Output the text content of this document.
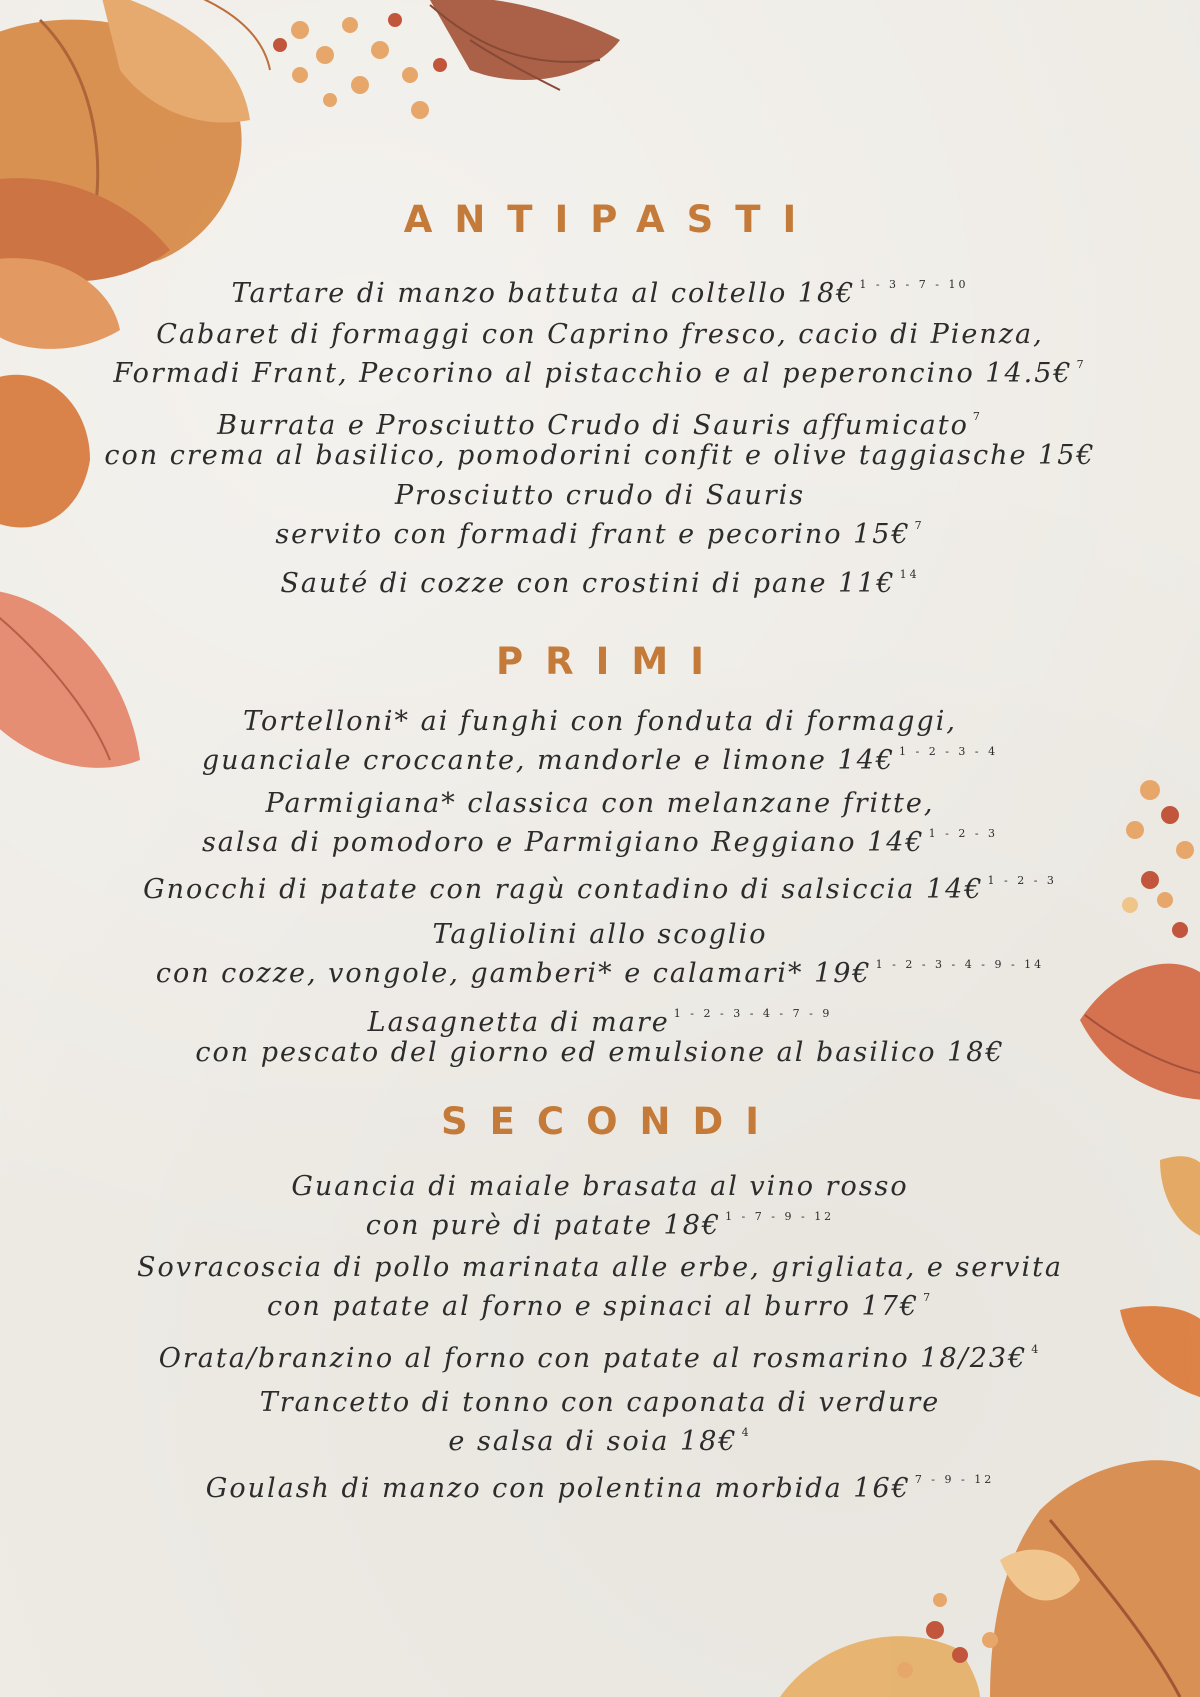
ANTIPASTI
Tartare di manzo battuta al coltello 18€ $^{1 - 3 - 7 - 10}$
Cabaret di formaggi con Caprino fresco, cacio di Pienza,
Formadi Frant, Pecorino al pistacchio e al peperoncino 14.5€ $^7$
Burrata e Prosciutto Crudo di Sauris affumicato $^7$
con crema al basilico, pomodorini confit e olive taggiasche 15€
Prosciutto crudo di Sauris
servito con formadi frant e pecorino 15€ $^7$
Sauté di cozze con crostini di pane 11€ $^{14}$
PRIMI
Tortelloni* ai funghi con fonduta di formaggi,
guanciale croccante, mandorle e limone 14€ $^{1 - 2 - 3 - 4}$
Parmigiana* classica con melanzane fritte,
salsa di pomodoro e Parmigiano Reggiano 14€ $^{1 - 2 - 3}$
Gnocchi di patate con ragù contadino di salsiccia 14€ $^{1 - 2 - 3}$
Tagliolini allo scoglio
con cozze, vongole, gamberi* e calamari* 19€ $^{1 - 2 - 3 - 4 - 9 - 14}$
Lasagnetta di mare $^{1 - 2 - 3 - 4 - 7 - 9}$
con pescato del giorno ed emulsione al basilico 18€
SECONDI
Guancia di maiale brasata al vino rosso
con purè di patate 18€ $^{1 - 7 - 9 - 12}$
Sovracoscia di pollo marinata alle erbe, grigliata, e servita
con patate al forno e spinaci al burro 17€ $^7$
Orata/branzino al forno con patate al rosmarino 18/23€ $^4$
Trancetto di tonno con caponata di verdure
e salsa di soia 18€ $^4$
Goulash di manzo con polentina morbida 16€ $^{7 - 9 - 12}$
